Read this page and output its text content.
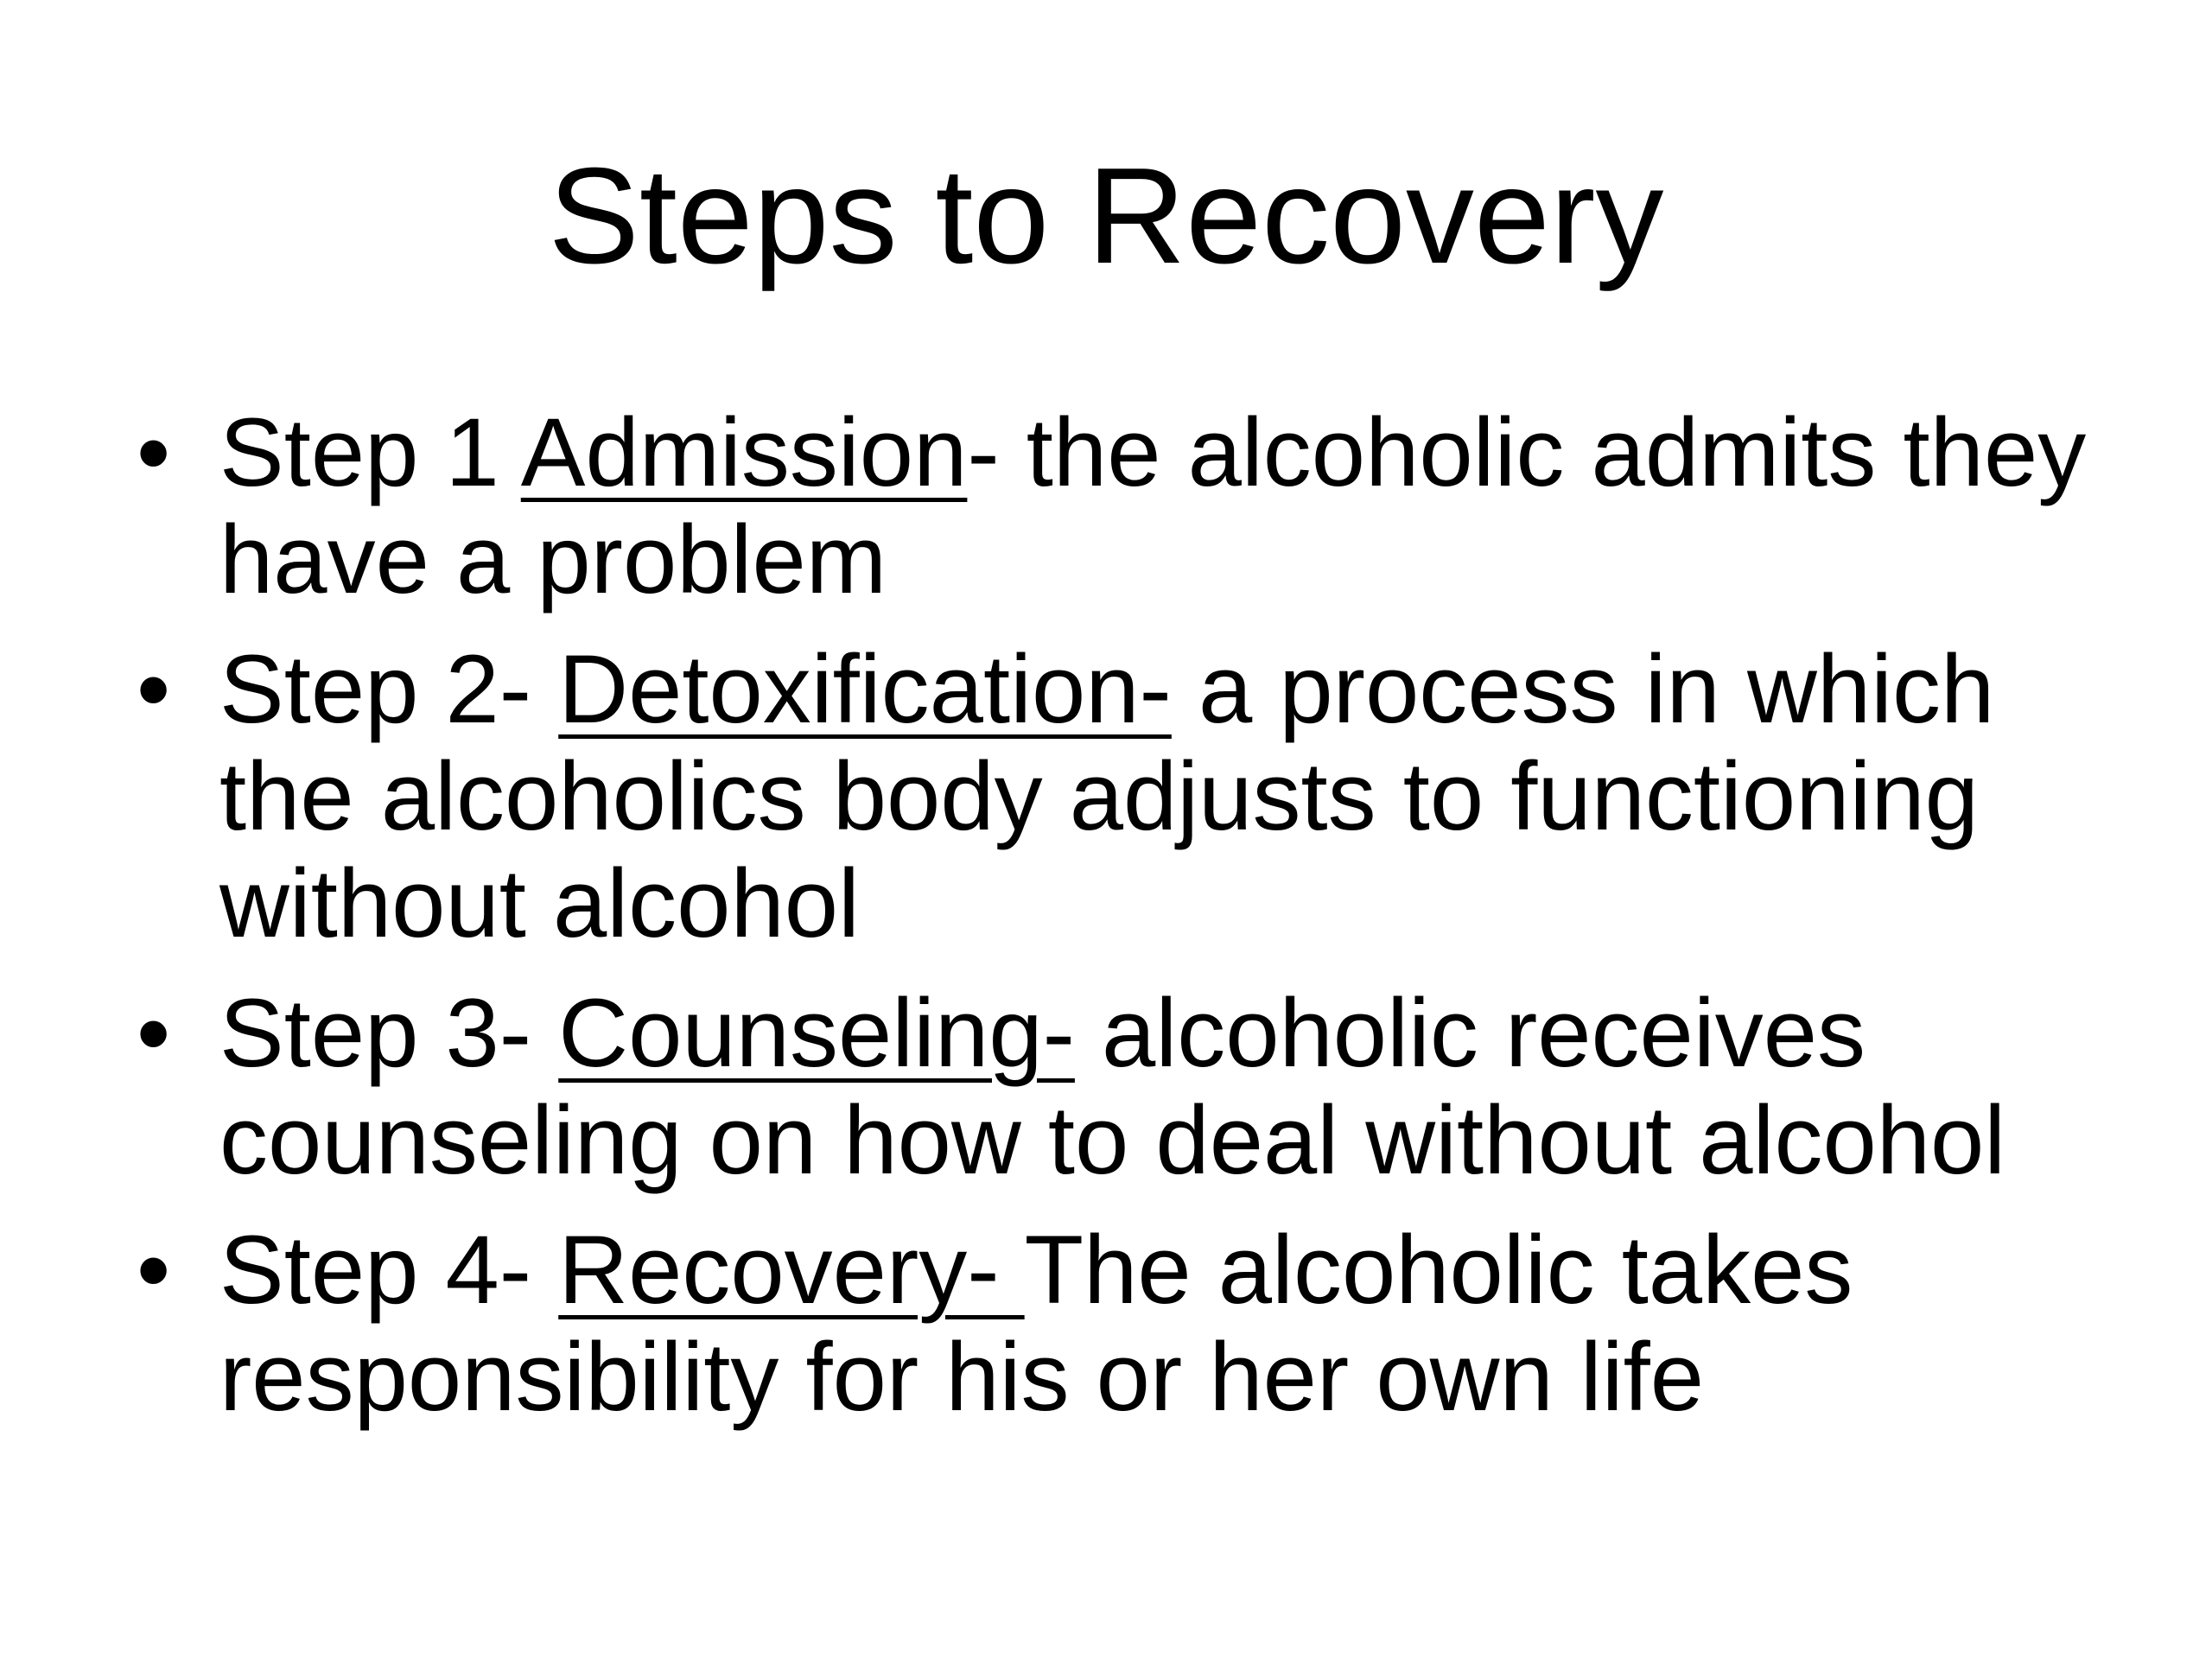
Steps to Recovery
• Step 1 Admission- the alcoholic admits they have a problem
• Step 2- Detoxification- a process in which the alcoholics body adjusts to functioning without alcohol
• Step 3- Counseling- alcoholic receives counseling on how to deal without alcohol
• Step 4- Recovery- The alcoholic takes responsibility for his or her own life
